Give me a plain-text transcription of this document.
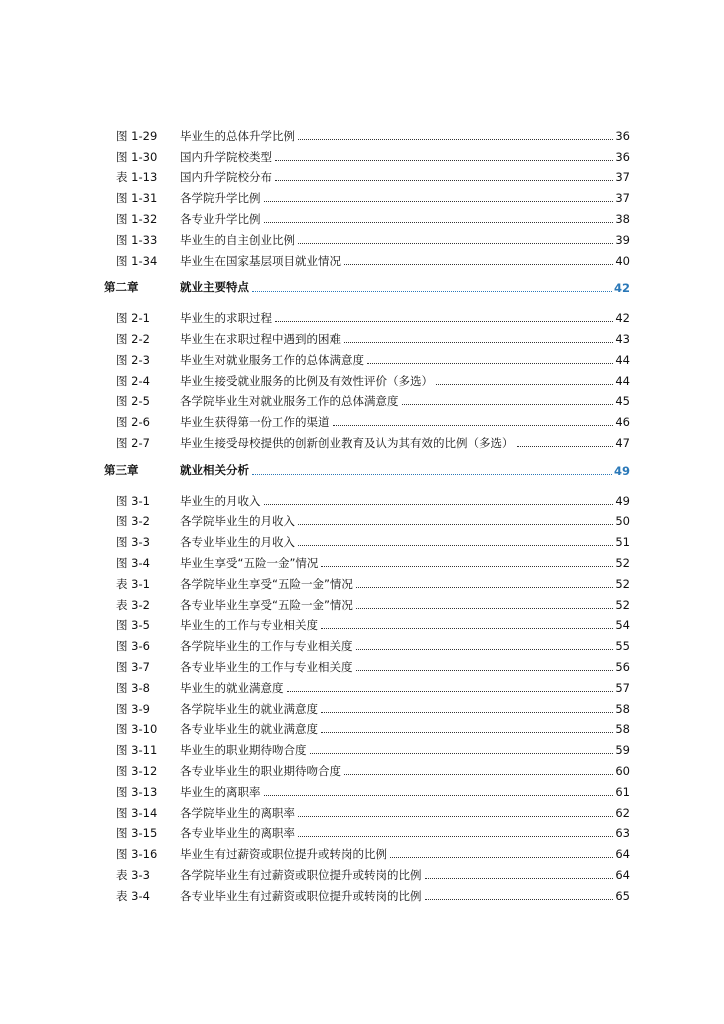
图 1-29	毕业生的总体升学比例	36
图 1-30	国内升学院校类型	36
表 1-13	国内升学院校分布	37
图 1-31	各学院升学比例	37
图 1-32	各专业升学比例	38
图 1-33	毕业生的自主创业比例	39
图 1-34	毕业生在国家基层项目就业情况	40
第二章	就业主要特点	42
图 2-1	毕业生的求职过程	42
图 2-2	毕业生在求职过程中遇到的困难	43
图 2-3	毕业生对就业服务工作的总体满意度	44
图 2-4	毕业生接受就业服务的比例及有效性评价（多选）	44
图 2-5	各学院毕业生对就业服务工作的总体满意度	45
图 2-6	毕业生获得第一份工作的渠道	46
图 2-7	毕业生接受母校提供的创新创业教育及认为其有效的比例（多选）	47
第三章	就业相关分析	49
图 3-1	毕业生的月收入	49
图 3-2	各学院毕业生的月收入	50
图 3-3	各专业毕业生的月收入	51
图 3-4	毕业生享受“五险一金”情况	52
表 3-1	各学院毕业生享受“五险一金”情况	52
表 3-2	各专业毕业生享受“五险一金”情况	52
图 3-5	毕业生的工作与专业相关度	54
图 3-6	各学院毕业生的工作与专业相关度	55
图 3-7	各专业毕业生的工作与专业相关度	56
图 3-8	毕业生的就业满意度	57
图 3-9	各学院毕业生的就业满意度	58
图 3-10	各专业毕业生的就业满意度	58
图 3-11	毕业生的职业期待吻合度	59
图 3-12	各专业毕业生的职业期待吻合度	60
图 3-13	毕业生的离职率	61
图 3-14	各学院毕业生的离职率	62
图 3-15	各专业毕业生的离职率	63
图 3-16	毕业生有过薪资或职位提升或转岗的比例	64
表 3-3	各学院毕业生有过薪资或职位提升或转岗的比例	64
表 3-4	各专业毕业生有过薪资或职位提升或转岗的比例	65
